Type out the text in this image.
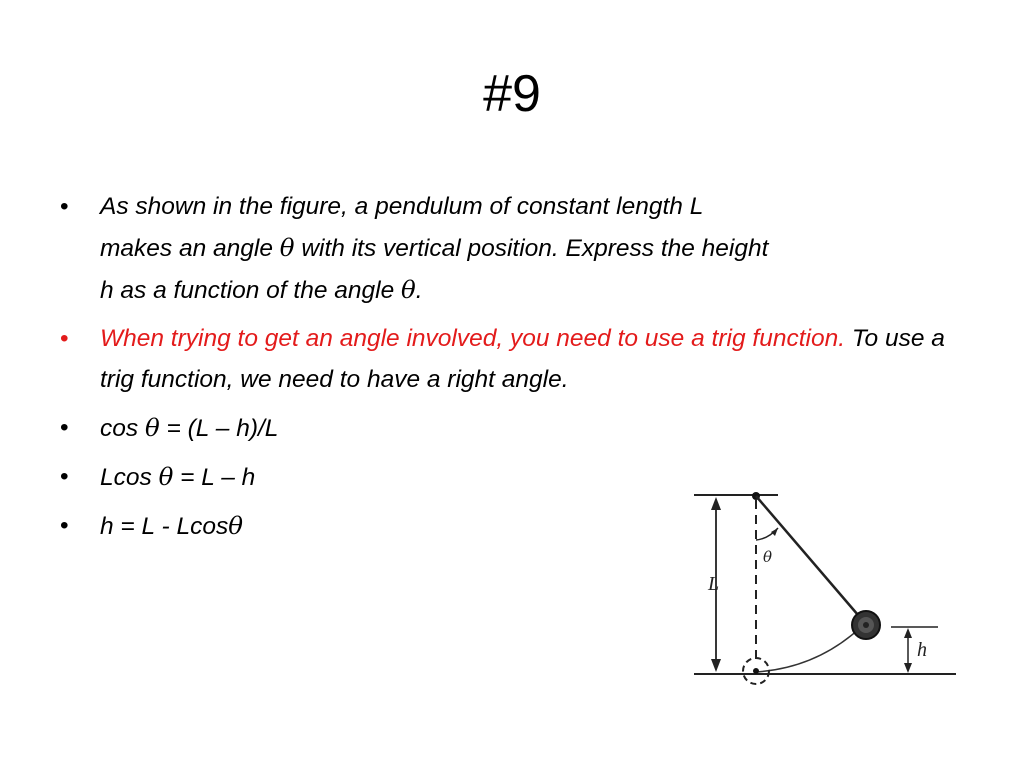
#9
• As shown in the figure, a pendulum of constant length L
makes an angle θ with its vertical position. Express the height
h as a function of the angle θ.
• When trying to get an angle involved, you need to use a trig function. To use a trig function, we need to have a right angle.
• cos θ = (L – h)/L
• Lcos θ = L – h
• h = L - Lcosθ
L
θ
h
